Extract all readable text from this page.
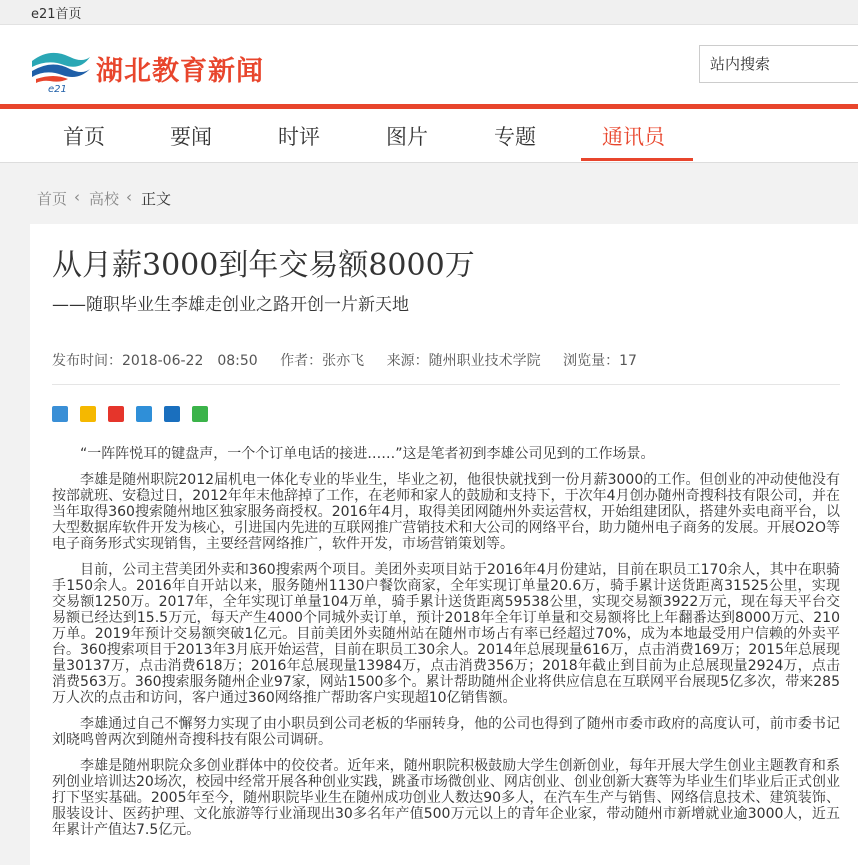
e21首页
e21
湖北教育新闻
站内搜索
首页	要闻	时评	图片	专题	通讯员
首页 ‹ 高校 ‹ 正文
从月薪3000到年交易额8000万
——随职毕业生李雄走创业之路开创一片新天地
发布时间：2018-06-22　08:50 作者：张亦飞 来源：随州职业技术学院 浏览量：17

“一阵阵悦耳的键盘声，一个个订单电话的接进……”这是笔者初到李雄公司见到的工作场景。

李雄是随州职院2012届机电一体化专业的毕业生，毕业之初，他很快就找到一份月薪3000的工作。但创业的冲动使他没有按部就班、安稳过日，2012年年末他辞掉了工作，在老师和家人的鼓励和支持下，于次年4月创办随州奇搜科技有限公司，并在当年取得360搜索随州地区独家服务商授权。2016年4月，取得美团网随州外卖运营权，开始组建团队，搭建外卖电商平台，以大型数据库软件开发为核心，引进国内先进的互联网推广营销技术和大公司的网络平台，助力随州电子商务的发展。开展O2O等电子商务形式实现销售，主要经营网络推广，软件开发，市场营销策划等。

目前，公司主营美团外卖和360搜索两个项目。美团外卖项目站于2016年4月份建站，目前在职员工170余人，其中在职骑手150余人。2016年自开站以来，服务随州1130户餐饮商家，全年实现订单量20.6万，骑手累计送货距离31525公里，实现交易额1250万。2017年，全年实现订单量104万单，骑手累计送货距离59538公里，实现交易额3922万元，现在每天平台交易额已经达到15.5万元，每天产生4000个同城外卖订单，预计2018年全年订单量和交易额将比上年翻番达到8000万元、210万单。2019年预计交易额突破1亿元。目前美团外卖随州站在随州市场占有率已经超过70%，成为本地最受用户信赖的外卖平台。360搜索项目于2013年3月底开始运营，目前在职员工30余人。2014年总展现量616万，点击消费169万；2015年总展现量30137万，点击消费618万；2016年总展现量13984万，点击消费356万；2018年截止到目前为止总展现量2924万，点击消费563万。360搜索服务随州企业97家，网站1500多个。累计帮助随州企业将供应信息在互联网平台展现5亿多次，带来285万人次的点击和访问，客户通过360网络推广帮助客户实现超10亿销售额。

李雄通过自己不懈努力实现了由小职员到公司老板的华丽转身，他的公司也得到了随州市委市政府的高度认可，前市委书记刘晓鸣曾两次到随州奇搜科技有限公司调研。

李雄是随州职院众多创业群体中的佼佼者。近年来，随州职院积极鼓励大学生创新创业，每年开展大学生创业主题教育和系列创业培训达20场次，校园中经常开展各种创业实践，跳蚤市场微创业、网店创业、创业创新大赛等为毕业生们毕业后正式创业打下坚实基础。2005年至今，随州职院毕业生在随州成功创业人数达90多人，在汽车生产与销售、网络信息技术、建筑装饰、服装设计、医药护理、文化旅游等行业涌现出30多名年产值500万元以上的青年企业家，带动随州市新增就业逾3000人，近五年累计产值达7.5亿元。
